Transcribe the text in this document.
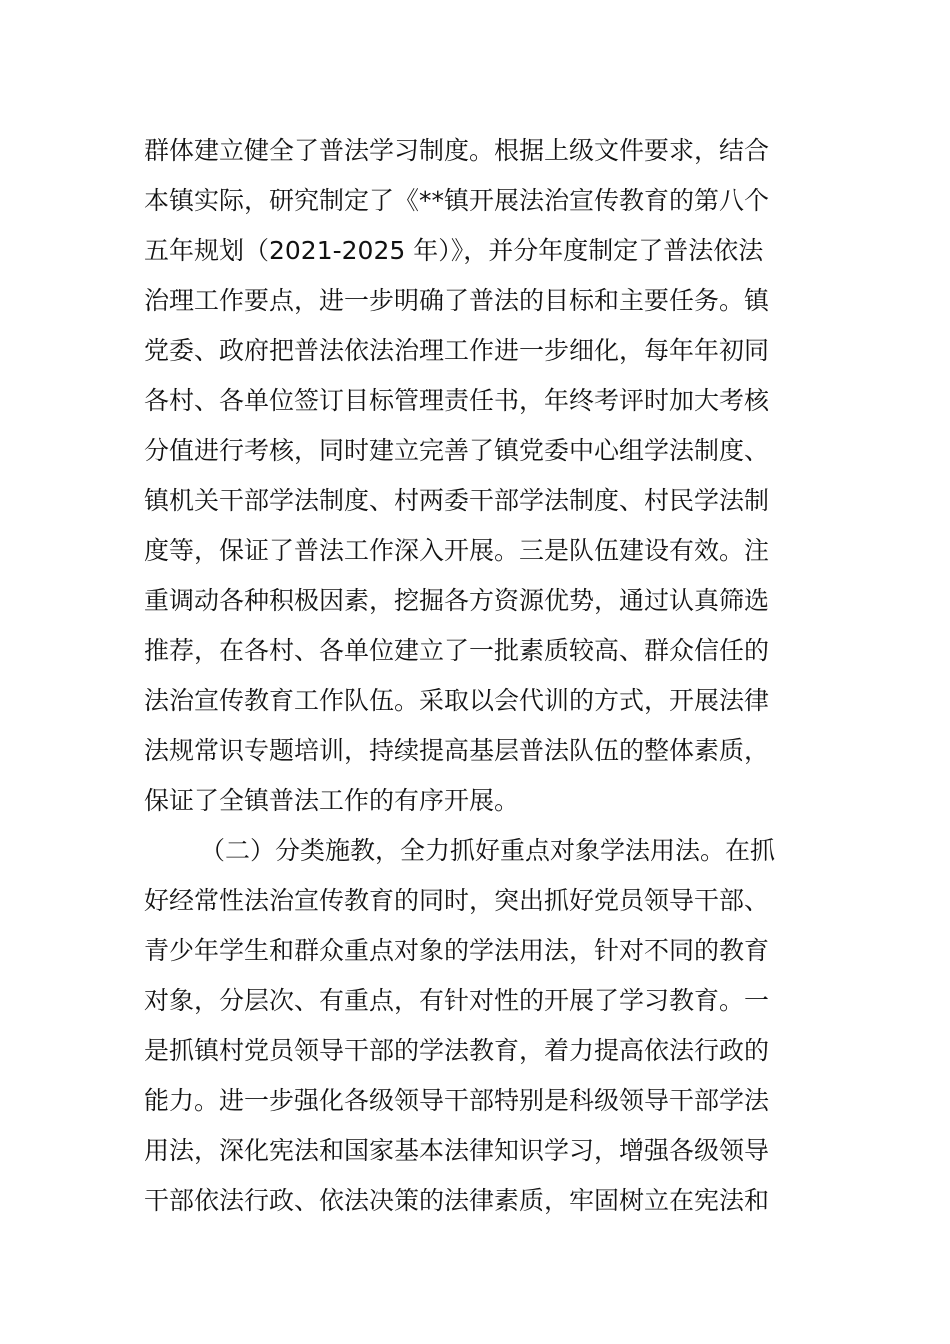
群体建立健全了普法学习制度。根据上级文件要求，结合
本镇实际，研究制定了《**镇开展法治宣传教育的第八个
五年规划（2021-2025 年）》，并分年度制定了普法依法
治理工作要点，进一步明确了普法的目标和主要任务。镇
党委、政府把普法依法治理工作进一步细化，每年年初同
各村、各单位签订目标管理责任书，年终考评时加大考核
分值进行考核，同时建立完善了镇党委中心组学法制度、
镇机关干部学法制度、村两委干部学法制度、村民学法制
度等，保证了普法工作深入开展。三是队伍建设有效。注
重调动各种积极因素，挖掘各方资源优势，通过认真筛选
推荐，在各村、各单位建立了一批素质较高、群众信任的
法治宣传教育工作队伍。采取以会代训的方式，开展法律
法规常识专题培训，持续提高基层普法队伍的整体素质，
保证了全镇普法工作的有序开展。
（二）分类施教，全力抓好重点对象学法用法。在抓
好经常性法治宣传教育的同时，突出抓好党员领导干部、
青少年学生和群众重点对象的学法用法，针对不同的教育
对象，分层次、有重点，有针对性的开展了学习教育。一
是抓镇村党员领导干部的学法教育，着力提高依法行政的
能力。进一步强化各级领导干部特别是科级领导干部学法
用法，深化宪法和国家基本法律知识学习，增强各级领导
干部依法行政、依法决策的法律素质，牢固树立在宪法和
